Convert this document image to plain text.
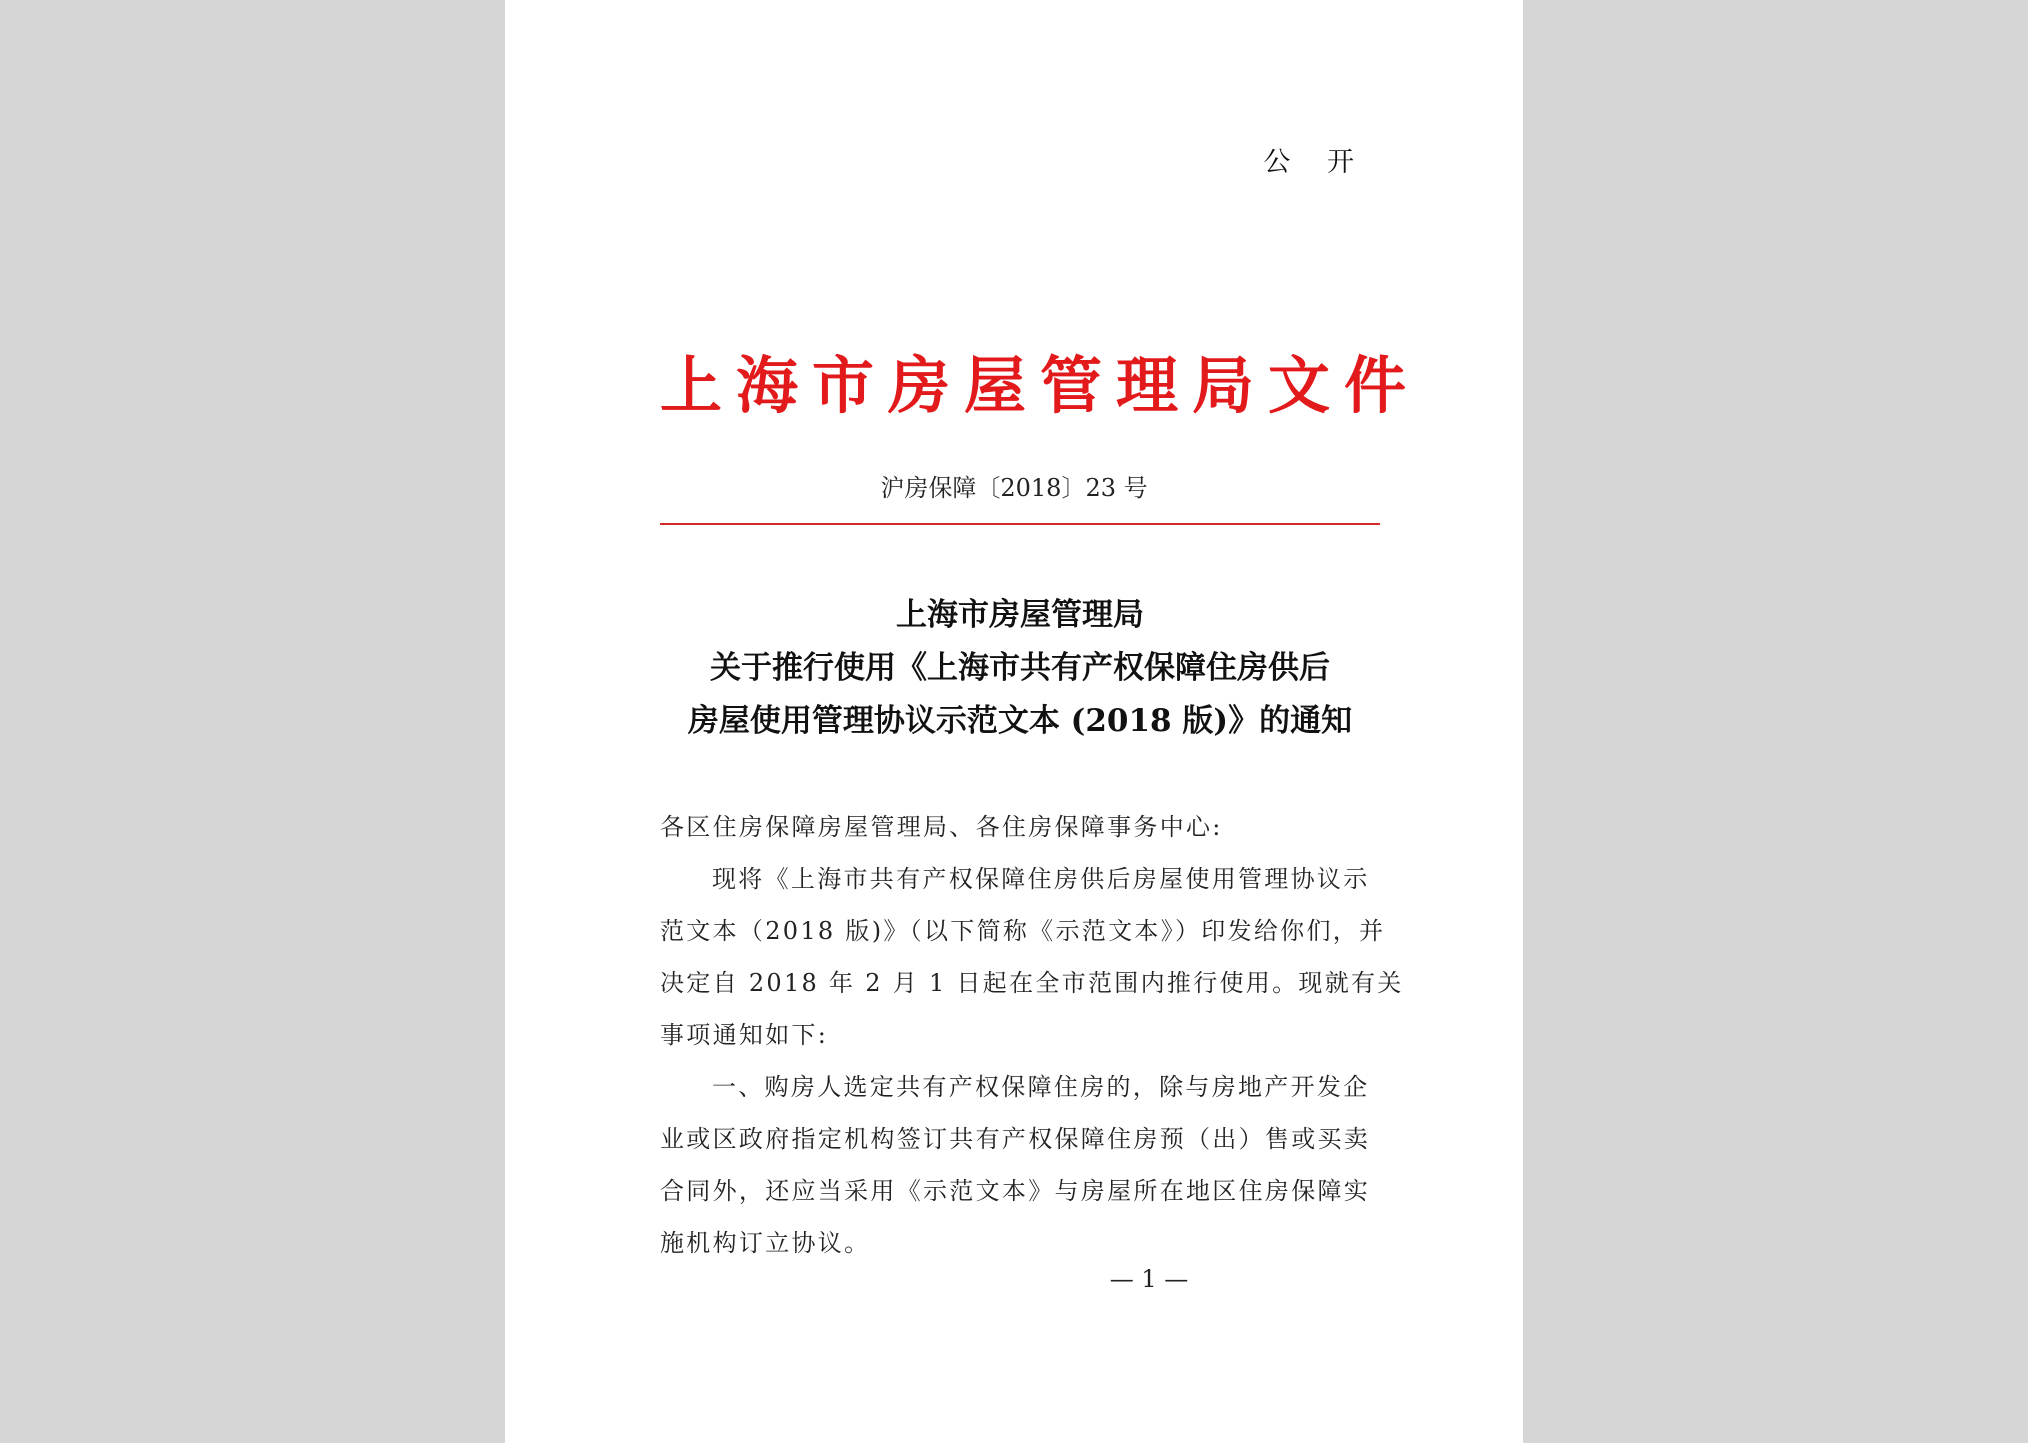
公 开
上海市房屋管理局文件
沪房保障〔2018〕23 号
上海市房屋管理局
关于推行使用《上海市共有产权保障住房供后
房屋使用管理协议示范文本 (2018 版)》的通知
各区住房保障房屋管理局、各住房保障事务中心:
现将《上海市共有产权保障住房供后房屋使用管理协议示
范文本（2018 版)》（以下简称《示范文本》）印发给你们，并
决定自 2018 年 2 月 1 日起在全市范围内推行使用。现就有关
事项通知如下:
一、购房人选定共有产权保障住房的，除与房地产开发企
业或区政府指定机构签订共有产权保障住房预（出）售或买卖
合同外，还应当采用《示范文本》与房屋所在地区住房保障实
施机构订立协议。
— 1 —
